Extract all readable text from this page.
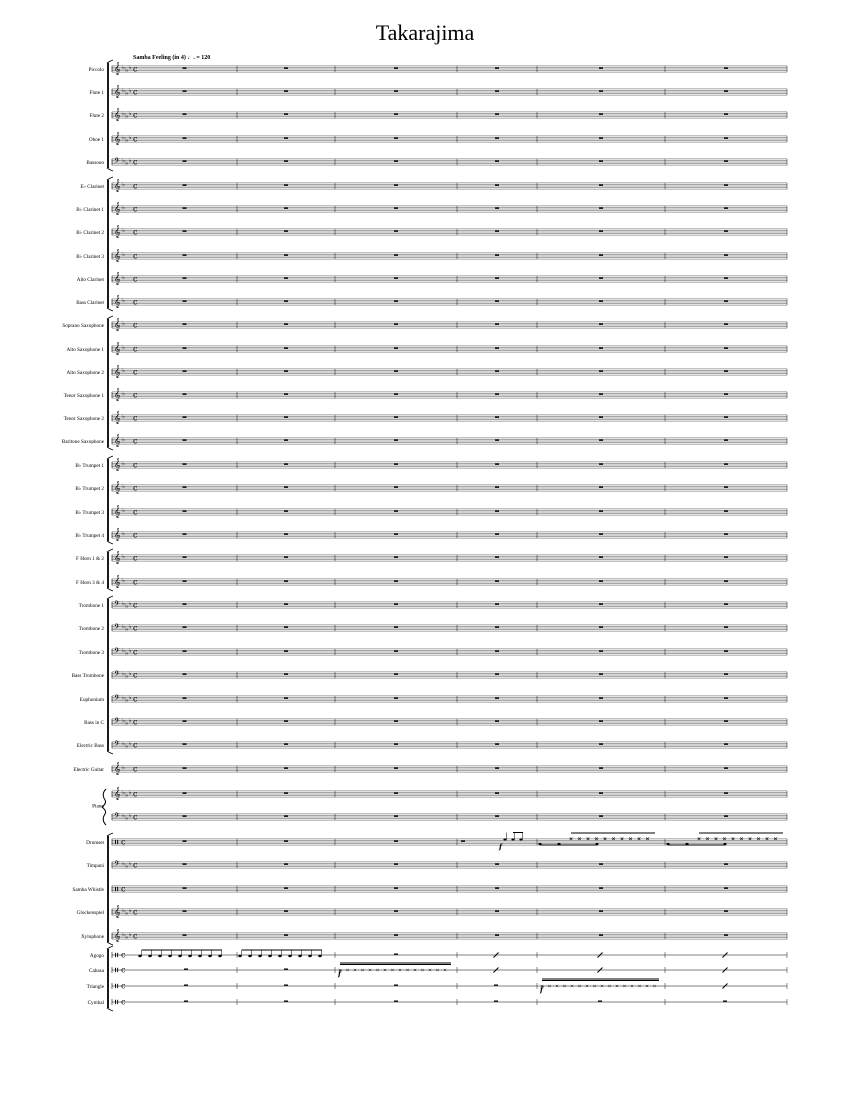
Takarajima
Samba Feeling (in 4) ♩. = 120
𝄞 ♭ ♭ ♭ c
𝄞 ♭ ♭ ♭ c
𝄞 ♭ ♭ ♭ c
𝄞 ♭ ♭ ♭ c
𝄢 ♭ ♭ ♭ c
𝄞 ♭ c
𝄞 ♭ c
𝄞 ♭ c
𝄞 ♭ c
𝄞 ♭ c
𝄞 ♭ c
𝄞 ♭ c
𝄞 ♭ c
𝄞 ♭ c
𝄞 ♭ c
𝄞 ♭ c
𝄞 ♭ c
𝄞 ♭ c
𝄞 ♭ c
𝄞 ♭ c
𝄞 ♭ c
𝄞 ♭ c
𝄞 ♭ c
𝄢 ♭ ♭ ♭ c
𝄢 ♭ ♭ ♭ c
𝄢 ♭ ♭ ♭ c
𝄢 ♭ ♭ ♭ c
𝄢 ♭ ♭ ♭ c
𝄢 ♭ ♭ ♭ c
𝄢 ♭ ♭ ♭ c
𝄞 ♭ c
𝄞 ♭ ♭ ♭ c
𝄢 ♭ ♭ ♭ c
c
𝄢 ♭ ♭ ♭ c
c
𝄞 ♭ ♭ ♭ c
𝄞 ♭ ♭ ♭ c
c
c
c
c
f
f
f
Piccolo
Flute 1
Flute 2
Oboe 1
Bassoon
E♭ Clarinet
B♭ Clarinet 1
B♭ Clarinet 2
B♭ Clarinet 3
Alto Clarinet
Bass Clarinet
Soprano Saxophone
Alto Saxophone 1
Alto Saxophone 2
Tenor Saxophone 1
Tenor Saxophone 2
Baritone Saxophone
B♭ Trumpet 1
B♭ Trumpet 2
B♭ Trumpet 3
B♭ Trumpet 4
F Horn 1 & 2
F Horn 3 & 4
Trombone 1
Trombone 2
Trombone 3
Bass Trombone
Euphonium
Bass in C
Electric Bass
Electric Guitar
Piano
Drumset
Timpani
Samba Whistle
Glockenspiel
Xylophone
Agogo
Cabasa
Triangle
Cymbal
